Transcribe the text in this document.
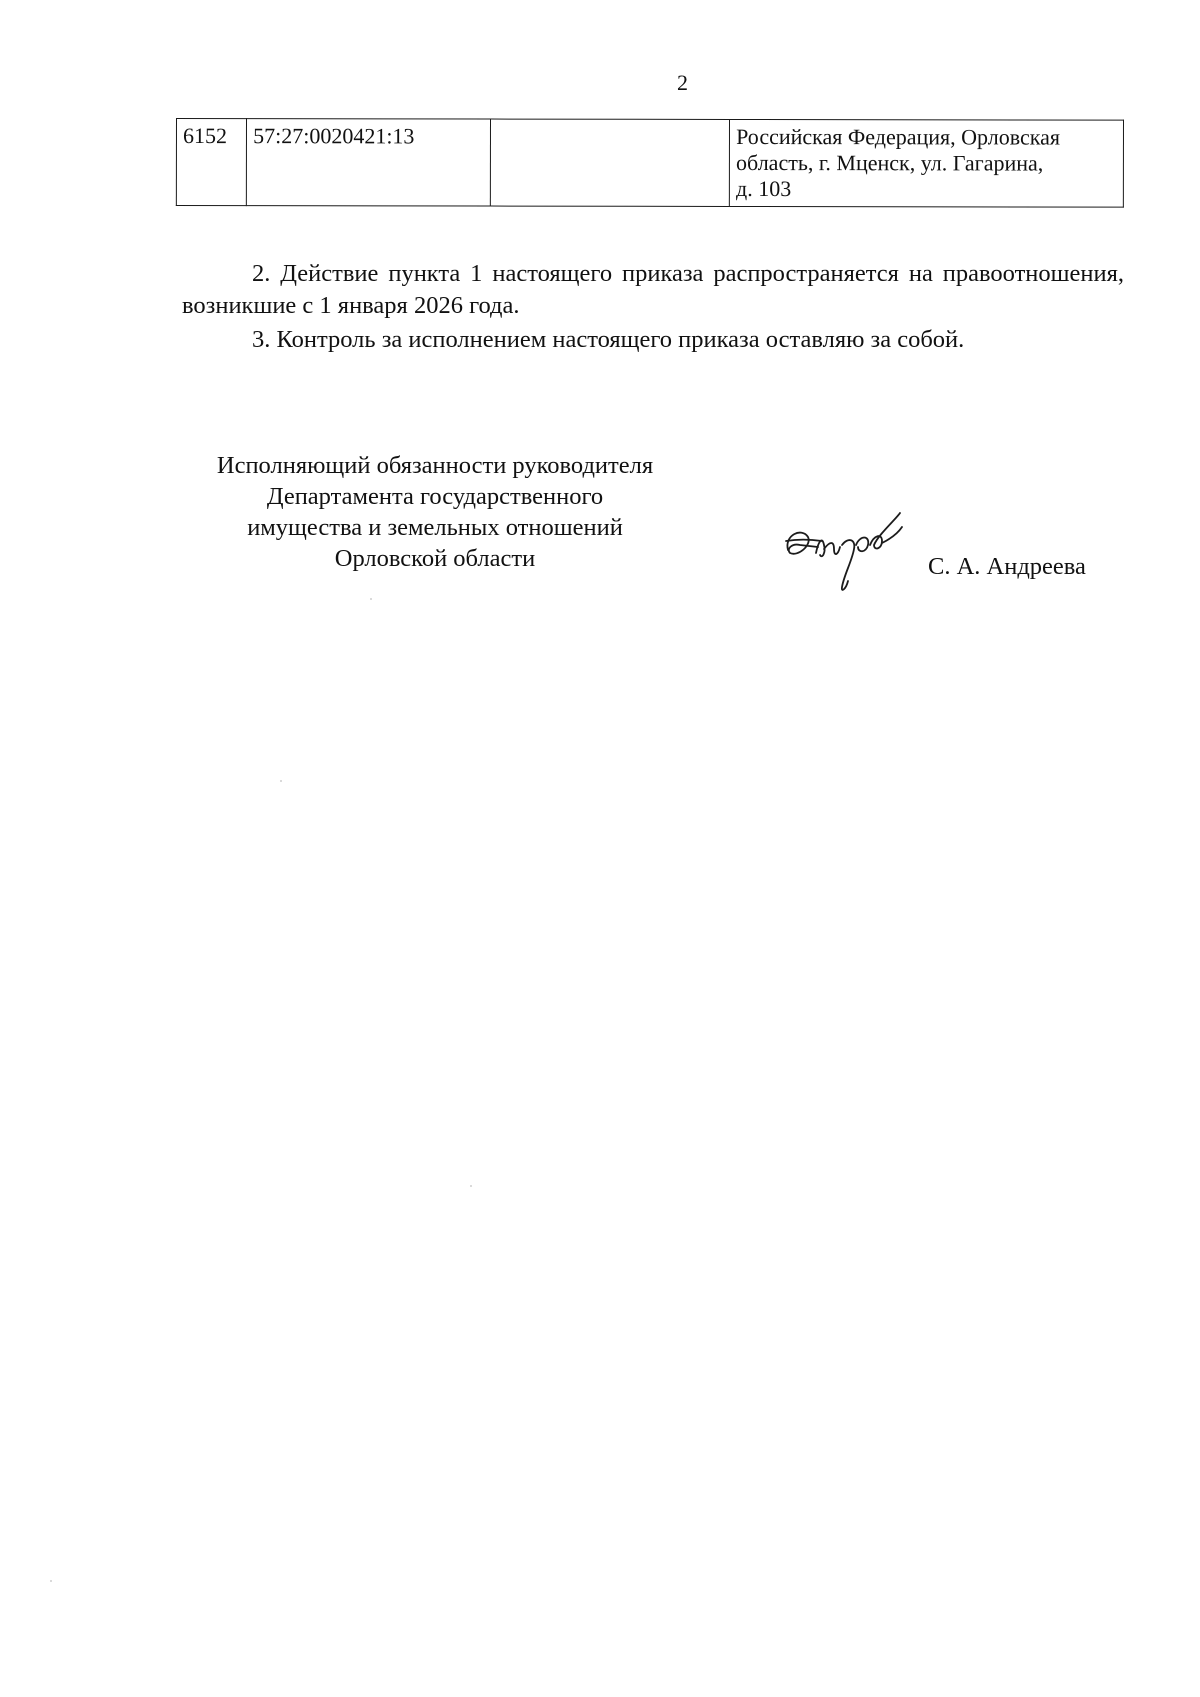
2
6152	57:27:0020421:13		Российская Федерация, Орловская
область, г. Мценск, ул. Гагарина,
д. 103

2. Действие пункта 1 настоящего приказа распространяется на правоотношения, возникшие с 1 января 2026 года.

3. Контроль за исполнением настоящего приказа оставляю за собой.

Исполняющий обязанности руководителя
Департамента государственного
имущества и земельных отношений
Орловской области	С. А. Андреева
